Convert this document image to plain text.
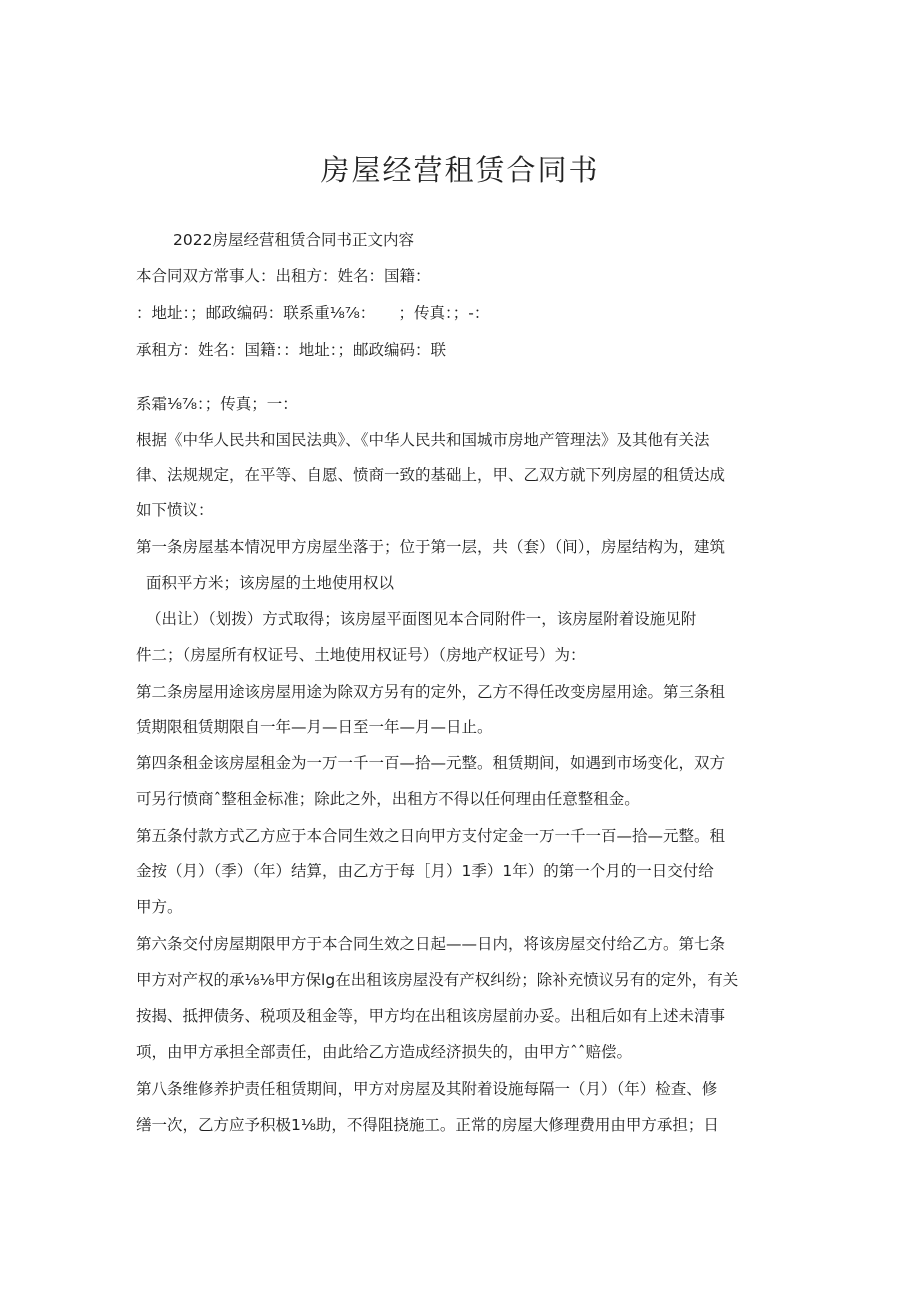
房屋经营租赁合同书
2022房屋经营租赁合同书正文内容
本合同双方常事人：出租方：姓名：国籍：
：地址：；邮政编码：联系重⅛⅞：　　；传真：；-：
承租方：姓名：国籍：：地址：；邮政编码：联
系霜⅛⅞：；传真；一：
根据《中华人民共和国民法典》、《中华人民共和国城市房地产管理法》及其他有关法
律、法规规定，在平等、自愿、愤商一致的基础上，甲、乙双方就下列房屋的租赁达成
如下愤议：
第一条房屋基本情况甲方房屋坐落于；位于第一层，共（套）（间），房屋结构为，建筑
面积平方米；该房屋的土地使用权以
（出让）（划拨）方式取得；该房屋平面图见本合同附件一，该房屋附着设施见附
件二；（房屋所有权证号、土地使用权证号）（房地产权证号）为：
第二条房屋用途该房屋用途为除双方另有的定外，乙方不得任改变房屋用途。第三条租
赁期限租赁期限自一年—月—日至一年—月—日止。
第四条租金该房屋租金为一万一千一百—拾—元整。租赁期间，如遇到市场变化，双方
可另行愤商ˆ整租金标准；除此之外，出租方不得以任何理由任意整租金。
第五条付款方式乙方应于本合同生效之日向甲方支付定金一万一千一百—拾—元整。租
金按（月）（季）（年）结算，由乙方于每［月）1季）1年）的第一个月的一日交付给
甲方。
第六条交付房屋期限甲方于本合同生效之日起——日内，将该房屋交付给乙方。第七条
甲方对产权的承⅛⅛甲方保lg在出租该房屋没有产权纠纷；除补充愤议另有的定外，有关
按揭、抵押债务、税项及租金等，甲方均在出租该房屋前办妥。出租后如有上述未清事
项，由甲方承担全部责任，由此给乙方造成经济损失的，由甲方ˆˆ赔偿。
第八条维修养护责任租赁期间，甲方对房屋及其附着设施每隔一（月）（年）检查、修
缮一次，乙方应予积极1⅛助，不得阻挠施工。正常的房屋大修理费用由甲方承担；日
